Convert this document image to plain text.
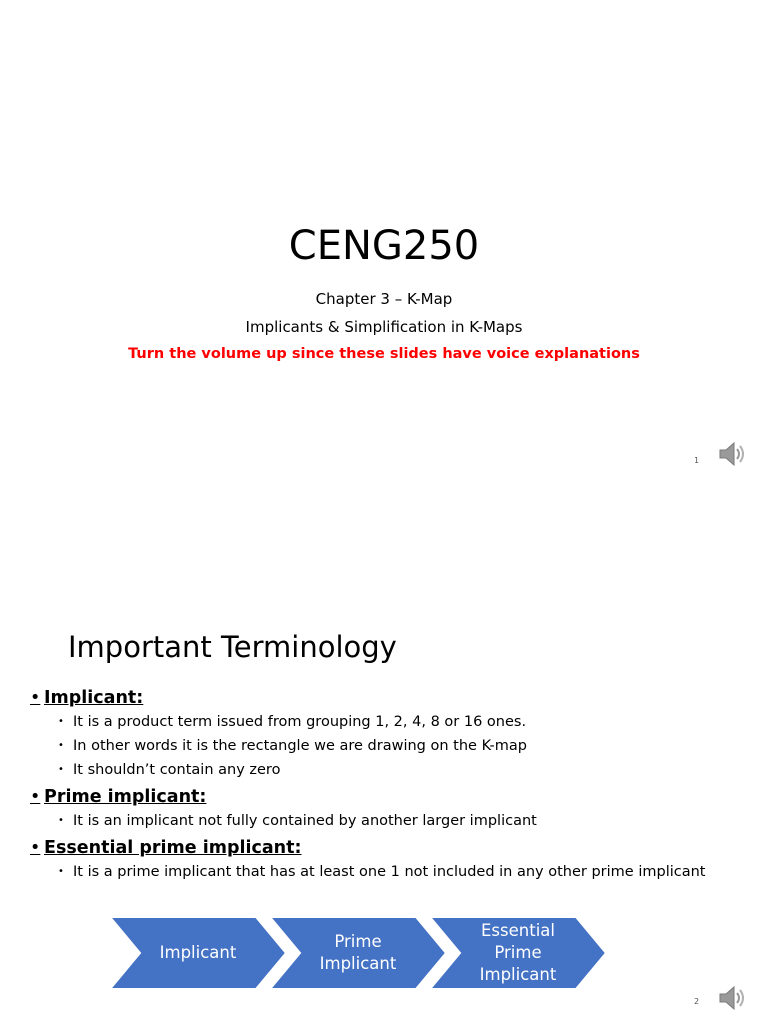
CENG250
Chapter 3 – K-Map
Implicants & Simplification in K-Maps
Turn the volume up since these slides have voice explanations
1
Important Terminology
• Implicant:
• It is a product term issued from grouping 1, 2, 4, 8 or 16 ones.
• In other words it is the rectangle we are drawing on the K-map
• It shouldn’t contain any zero
• Prime implicant:
• It is an implicant not fully contained by another larger implicant
• Essential prime implicant:
• It is a prime implicant that has at least one 1 not included in any other prime implicant
Implicant
Prime
Implicant
Essential
Prime
Implicant
2
